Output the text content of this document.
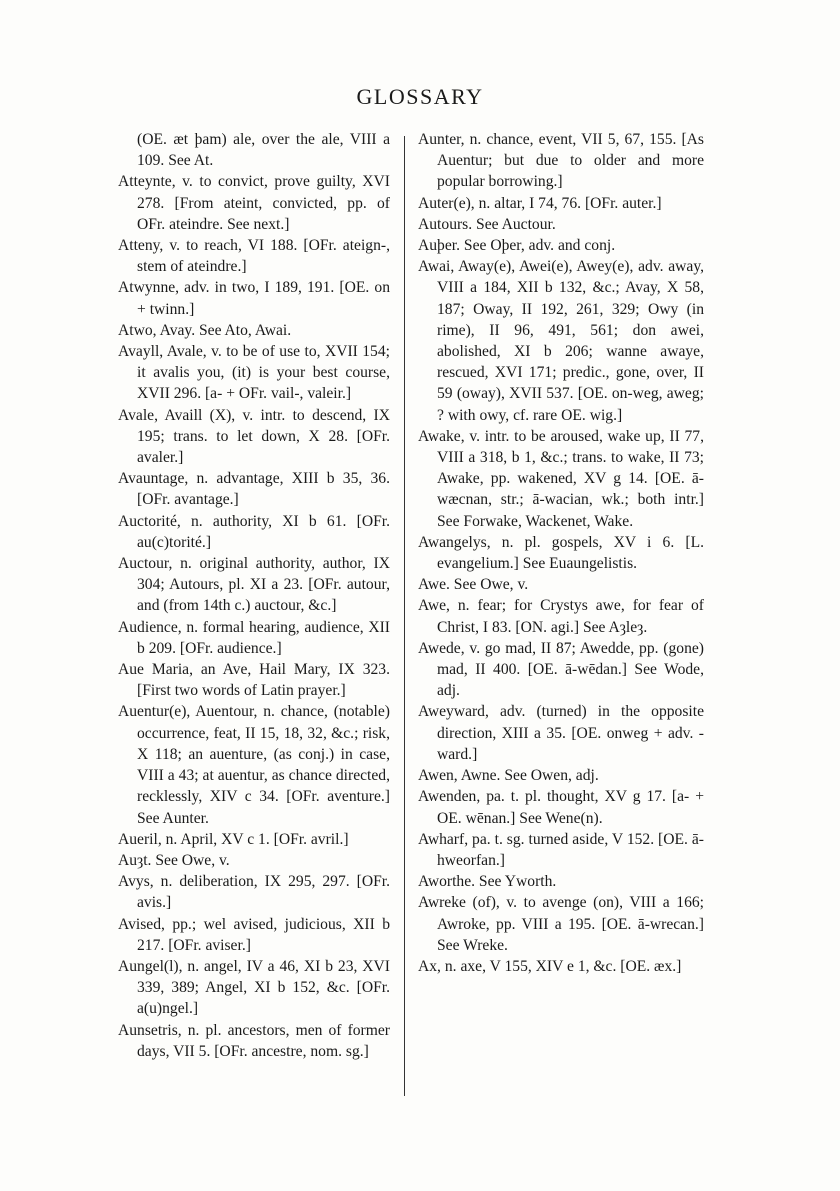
GLOSSARY

(OE. æt þam) ale, over the ale, VIII a 109. See At.

Atteynte, v. to convict, prove guilty, XVI 278. [From ateint, convicted, pp. of OFr. ateindre. See next.]

Atteny, v. to reach, VI 188. [OFr. ateign-, stem of ateindre.]

Atwynne, adv. in two, I 189, 191. [OE. on + twinn.]

Atwo, Avay. See Ato, Awai.

Avayll, Avale, v. to be of use to, XVII 154; it avalis you, (it) is your best course, XVII 296. [a- + OFr. vail-, valeir.]

Avale, Availl (X), v. intr. to descend, IX 195; trans. to let down, X 28. [OFr. avaler.]

Avauntage, n. advantage, XIII b 35, 36. [OFr. avantage.]

Auctorité, n. authority, XI b 61. [OFr. au(c)torité.]

Auctour, n. original authority, author, IX 304; Autours, pl. XI a 23. [OFr. autour, and (from 14th c.) auctour, &c.]

Audience, n. formal hearing, audience, XII b 209. [OFr. audience.]

Aue Maria, an Ave, Hail Mary, IX 323. [First two words of Latin prayer.]

Auentur(e), Auentour, n. chance, (notable) occurrence, feat, II 15, 18, 32, &c.; risk, X 118; an auenture, (as conj.) in case, VIII a 43; at auentur, as chance directed, recklessly, XIV c 34. [OFr. aventure.] See Aunter.

Aueril, n. April, XV c 1. [OFr. avril.]

Auȝt. See Owe, v.

Avys, n. deliberation, IX 295, 297. [OFr. avis.]

Avised, pp.; wel avised, judicious, XII b 217. [OFr. aviser.]

Aungel(l), n. angel, IV a 46, XI b 23, XVI 339, 389; Angel, XI b 152, &c. [OFr. a(u)ngel.]

Aunsetris, n. pl. ancestors, men of former days, VII 5. [OFr. ancestre, nom. sg.]

Aunter, n. chance, event, VII 5, 67, 155. [As Auentur; but due to older and more popular borrowing.]

Auter(e), n. altar, I 74, 76. [OFr. auter.]

Autours. See Auctour.

Auþer. See Oþer, adv. and conj.

Awai, Away(e), Awei(e), Awey(e), adv. away, VIII a 184, XII b 132, &c.; Avay, X 58, 187; Oway, II 192, 261, 329; Owy (in rime), II 96, 491, 561; don awei, abolished, XI b 206; wanne awaye, rescued, XVI 171; predic., gone, over, II 59 (oway), XVII 537. [OE. on-weg, aweg; ? with owy, cf. rare OE. wig.]

Awake, v. intr. to be aroused, wake up, II 77, VIII a 318, b 1, &c.; trans. to wake, II 73; Awake, pp. wakened, XV g 14. [OE. ā-wæcnan, str.; ā-wacian, wk.; both intr.] See Forwake, Wackenet, Wake.

Awangelys, n. pl. gospels, XV i 6. [L. evangelium.] See Euaungelistis.

Awe. See Owe, v.

Awe, n. fear; for Crystys awe, for fear of Christ, I 83. [ON. agi.] See Aȝleȝ.

Awede, v. go mad, II 87; Awedde, pp. (gone) mad, II 400. [OE. ā-wēdan.] See Wode, adj.

Aweyward, adv. (turned) in the opposite direction, XIII a 35. [OE. onweg + adv. -ward.]

Awen, Awne. See Owen, adj.

Awenden, pa. t. pl. thought, XV g 17. [a- + OE. wēnan.] See Wene(n).

Awharf, pa. t. sg. turned aside, V 152. [OE. ā-hweorfan.]

Aworthe. See Yworth.

Awreke (of), v. to avenge (on), VIII a 166; Awroke, pp. VIII a 195. [OE. ā-wrecan.] See Wreke.

Ax, n. axe, V 155, XIV e 1, &c. [OE. æx.]
